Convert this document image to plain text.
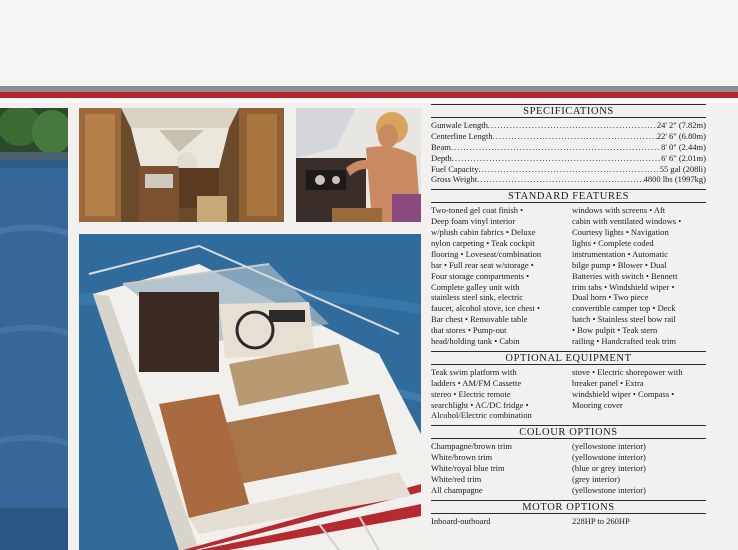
SPECIFICATIONS
Gunwale Length .....	24' 2" (7.82m)
Centerline Length .....	22' 6" (6.80m)
Beam .....	8' 0" (2.44m)
Depth .....	6' 6" (2.01m)
Fuel Capacity .....	55 gal (208li)
Gross Weight .....	4800 lbs (1997kg)
STANDARD FEATURES
Two-toned gel coat finish •
Deep foam vinyl interior
w/plush cabin fabrics • Deluxe
nylon carpeting • Teak cockpit
flooring • Loveseat/combination
bar • Full rear seat w/storage •
Four storage compartments •
Complete galley unit with
stainless steel sink, electric
faucet, alcohol stove, ice chest •
Bar chest • Removable table
that stores • Pump-out
head/holding tank • Cabin
windows with screens • Aft
cabin with ventilated windows •
Courtesy lights • Navigation
lights • Complete coded
instrumentation • Automatic
bilge pump • Blower • Dual
Batteries with switch • Bennett
trim tabs • Windshield wiper •
Dual horn • Two piece
convertible camper top • Deck
hatch • Stainless steel bow rail
• Bow pulpit • Teak stern
railing • Handcrafted teak trim
OPTIONAL EQUIPMENT
Teak swim platform with
ladders • AM/FM Cassette
stereo • Electric remote
searchlight • AC/DC fridge •
Alcohol/Electric combination
stove • Electric shorepower with
breaker panel • Extra
windshield wiper • Compass •
Mooring cover
COLOUR OPTIONS
Champagne/brown trim	(yellowstone interior)
White/brown trim	(yellowstone interior)
White/royal blue trim	(blue or grey interior)
White/red trim	(grey interior)
All champagne	(yellowstone interior)
MOTOR OPTIONS
Inboard-outboard	228HP to 260HP
